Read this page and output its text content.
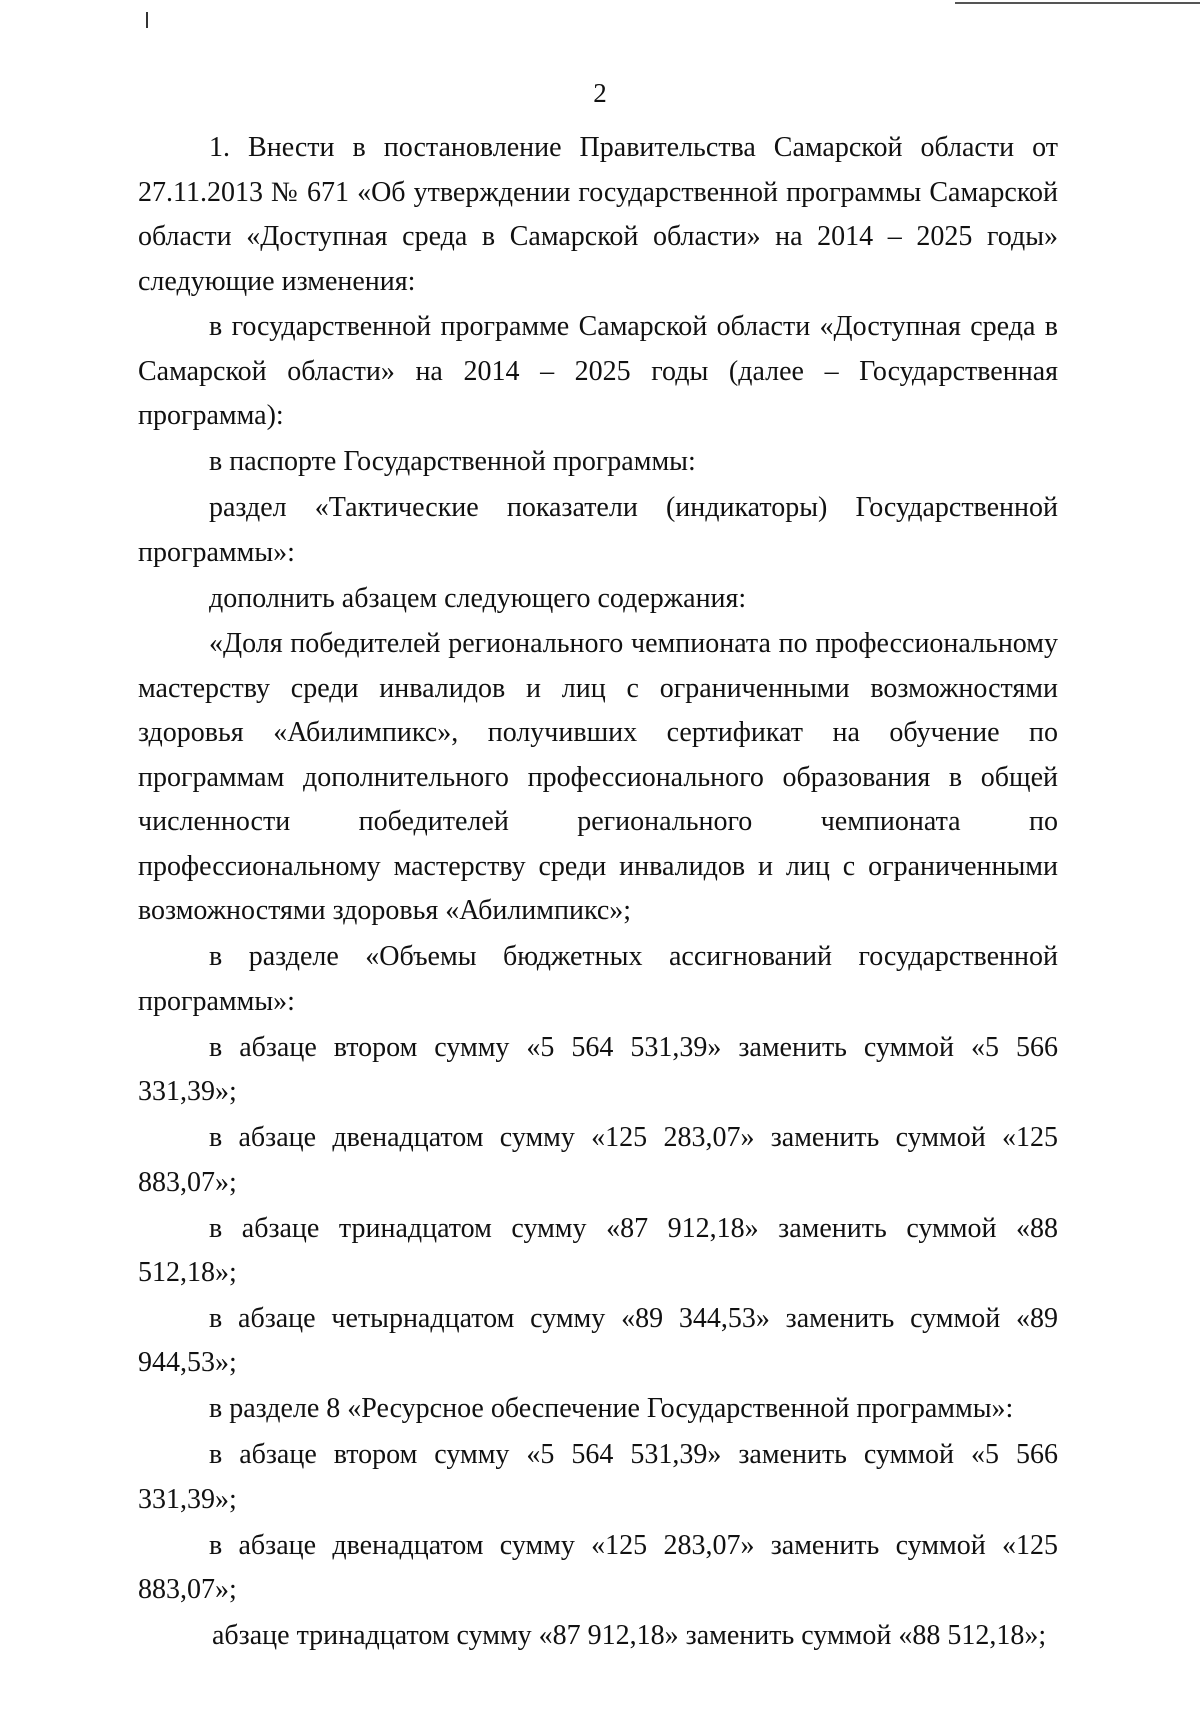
2

1. Внести в постановление Правительства Самарской области от 27.11.2013 № 671 «Об утверждении государственной программы Самарской области «Доступная среда в Самарской области» на 2014 – 2025 годы» следующие изменения:

в государственной программе Самарской области «Доступная среда в Самарской области» на 2014 – 2025 годы (далее – Государственная программа):

в паспорте Государственной программы:

раздел «Тактические показатели (индикаторы) Государственной программы»:

дополнить абзацем следующего содержания:

«Доля победителей регионального чемпионата по профессиональному мастерству среди инвалидов и лиц с ограниченными возможностями здоровья «Абилимпикс», получивших сертификат на обучение по программам дополнительного профессионального образования в общей численности победителей регионального чемпионата по профессиональному мастерству среди инвалидов и лиц с ограниченными возможностями здоровья «Абилимпикс»;

в разделе «Объемы бюджетных ассигнований государственной программы»:

в абзаце втором сумму «5 564 531,39» заменить суммой «5 566 331,39»;

в абзаце двенадцатом сумму «125 283,07» заменить суммой «125 883,07»;

в абзаце тринадцатом сумму «87 912,18» заменить суммой «88 512,18»;

в абзаце четырнадцатом сумму «89 344,53» заменить суммой «89 944,53»;

в разделе 8 «Ресурсное обеспечение Государственной программы»:

в абзаце втором сумму «5 564 531,39» заменить суммой «5 566 331,39»;

в абзаце двенадцатом сумму «125 283,07» заменить суммой «125 883,07»;

абзаце тринадцатом сумму «87 912,18» заменить суммой «88 512,18»;
